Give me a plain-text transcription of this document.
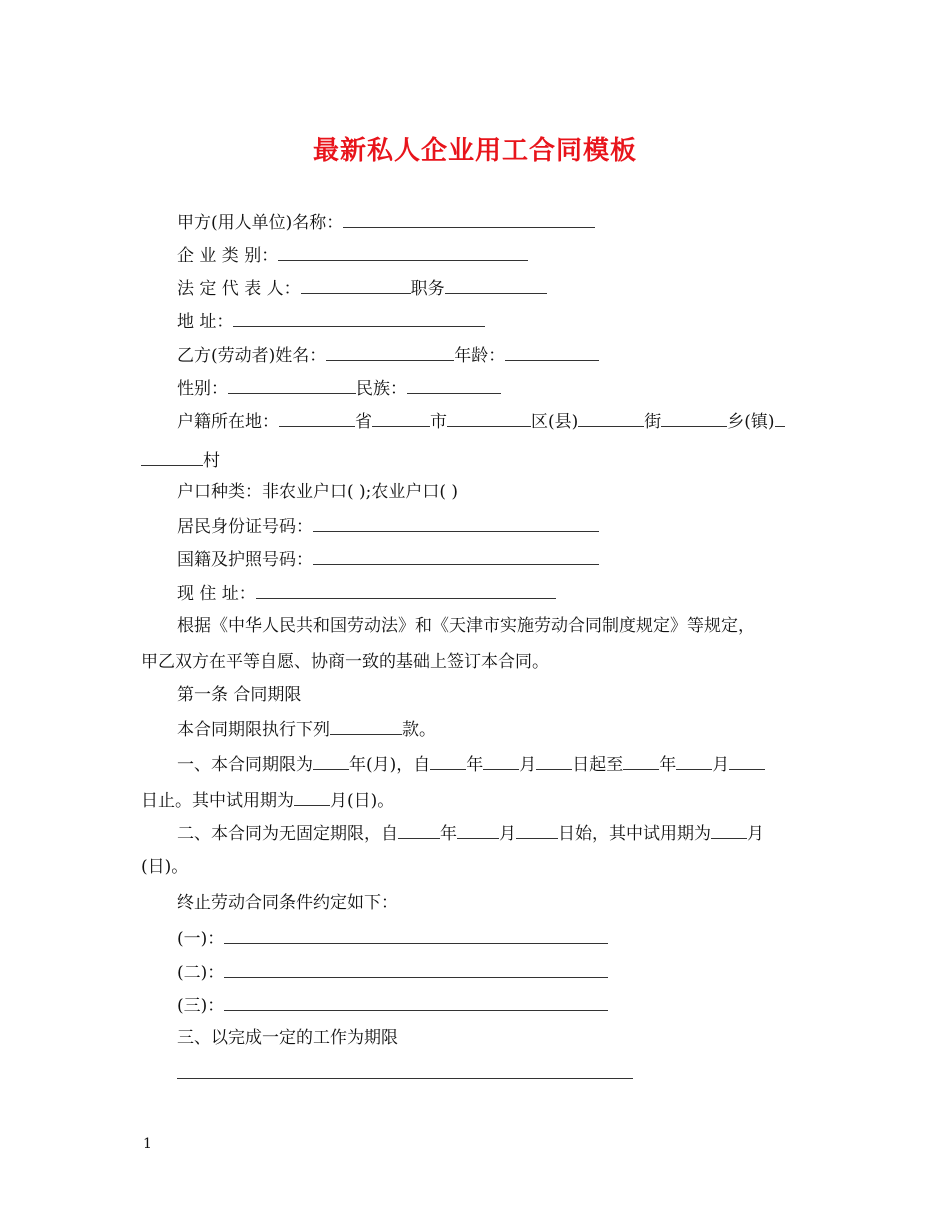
最新私人企业用工合同模板
甲方(用人单位)名称：
企 业 类 别：
法 定 代 表 人：	职务
地 址：
乙方(劳动者)姓名：	年龄：
性别：	民族：
户籍所在地：	省	市	区(县)	街	乡(镇)
村
户口种类：非农业户口( );农业户口( )
居民身份证号码：
国籍及护照号码：
现 住 址：
根据《中华人民共和国劳动法》和《天津市实施劳动合同制度规定》等规定，
甲乙双方在平等自愿、协商一致的基础上签订本合同。
第一条 合同期限
本合同期限执行下列	款。
一、本合同期限为 年(月)，自 年 月 日起至 年 月
日止。其中试用期为 月(日)。
二、本合同为无固定期限，自 年 月 日始，其中试用期为 月
(日)。
终止劳动合同条件约定如下：
(一)：
(二)：
(三)：
三、以完成一定的工作为期限
1
